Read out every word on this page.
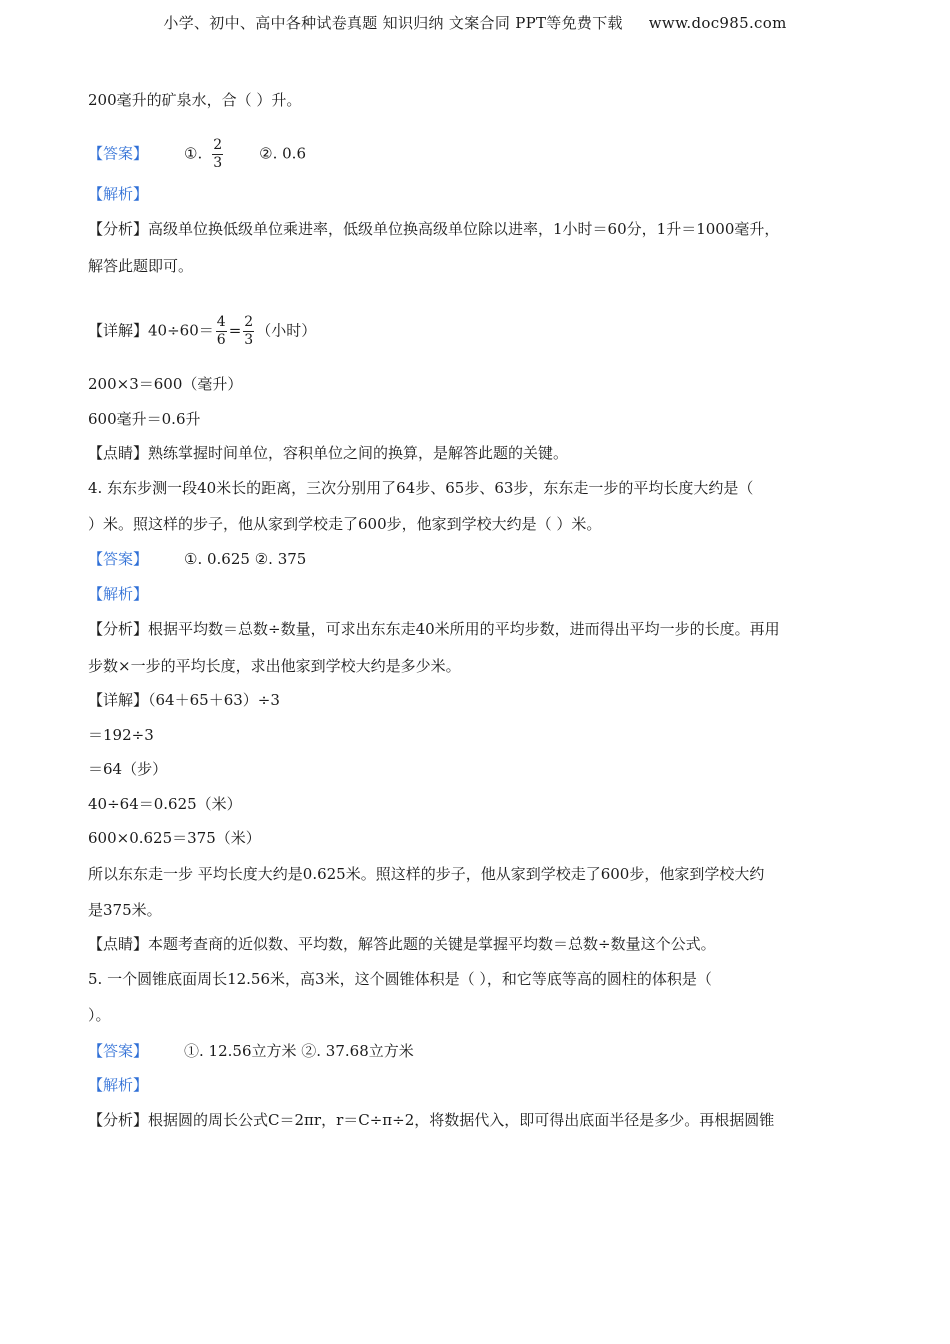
小学、初中、高中各种试卷真题 知识归纳 文案合同 PPT等免费下载 www.doc985.com
200毫升的矿泉水，合（ ）升。
【答案】 ①. $\frac{2}{3}$ ②. 0.6
【解析】
【分析】高级单位换低级单位乘进率，低级单位换高级单位除以进率，1小时＝60分，1升＝1000毫升，
解答此题即可。
【详解】$40\div 60= \frac{4}{6} = \frac{2}{3}$ （小时）
200×3＝600（毫升）
600毫升＝0.6升
【点睛】熟练掌握时间单位，容积单位之间的换算，是解答此题的关键。
4. 东东步测一段40米长的距离，三次分别用了64步、65步、63步，东东走一步的平均长度大约是（
）米。照这样的步子，他从家到学校走了600步，他家到学校大约是（ ）米。
【答案】 ①. 0.625 ②. 375
【解析】
【分析】根据平均数＝总数÷数量，可求出东东走40米所用的平均步数，进而得出平均一步的长度。再用
步数×一步的平均长度，求出他家到学校大约是多少米。
【详解】（64＋65＋63）÷3
＝192÷3
＝64（步）
40÷64＝0.625（米）
600×0.625＝375（米）
所以东东走一步 平均长度大约是0.625米。照这样的步子，他从家到学校走了600步，他家到学校大约
是375米。
【点睛】本题考查商的近似数、平均数，解答此题的关键是掌握平均数＝总数÷数量这个公式。
5. 一个圆锥底面周长12.56米，高3米，这个圆锥体积是（ ），和它等底等高的圆柱的体积是（
）。
【答案】 ①. 12.56立方米 ②. 37.68立方米
【解析】
【分析】根据圆的周长公式C＝2πr，r＝C÷π÷2，将数据代入，即可得出底面半径是多少。再根据圆锥
